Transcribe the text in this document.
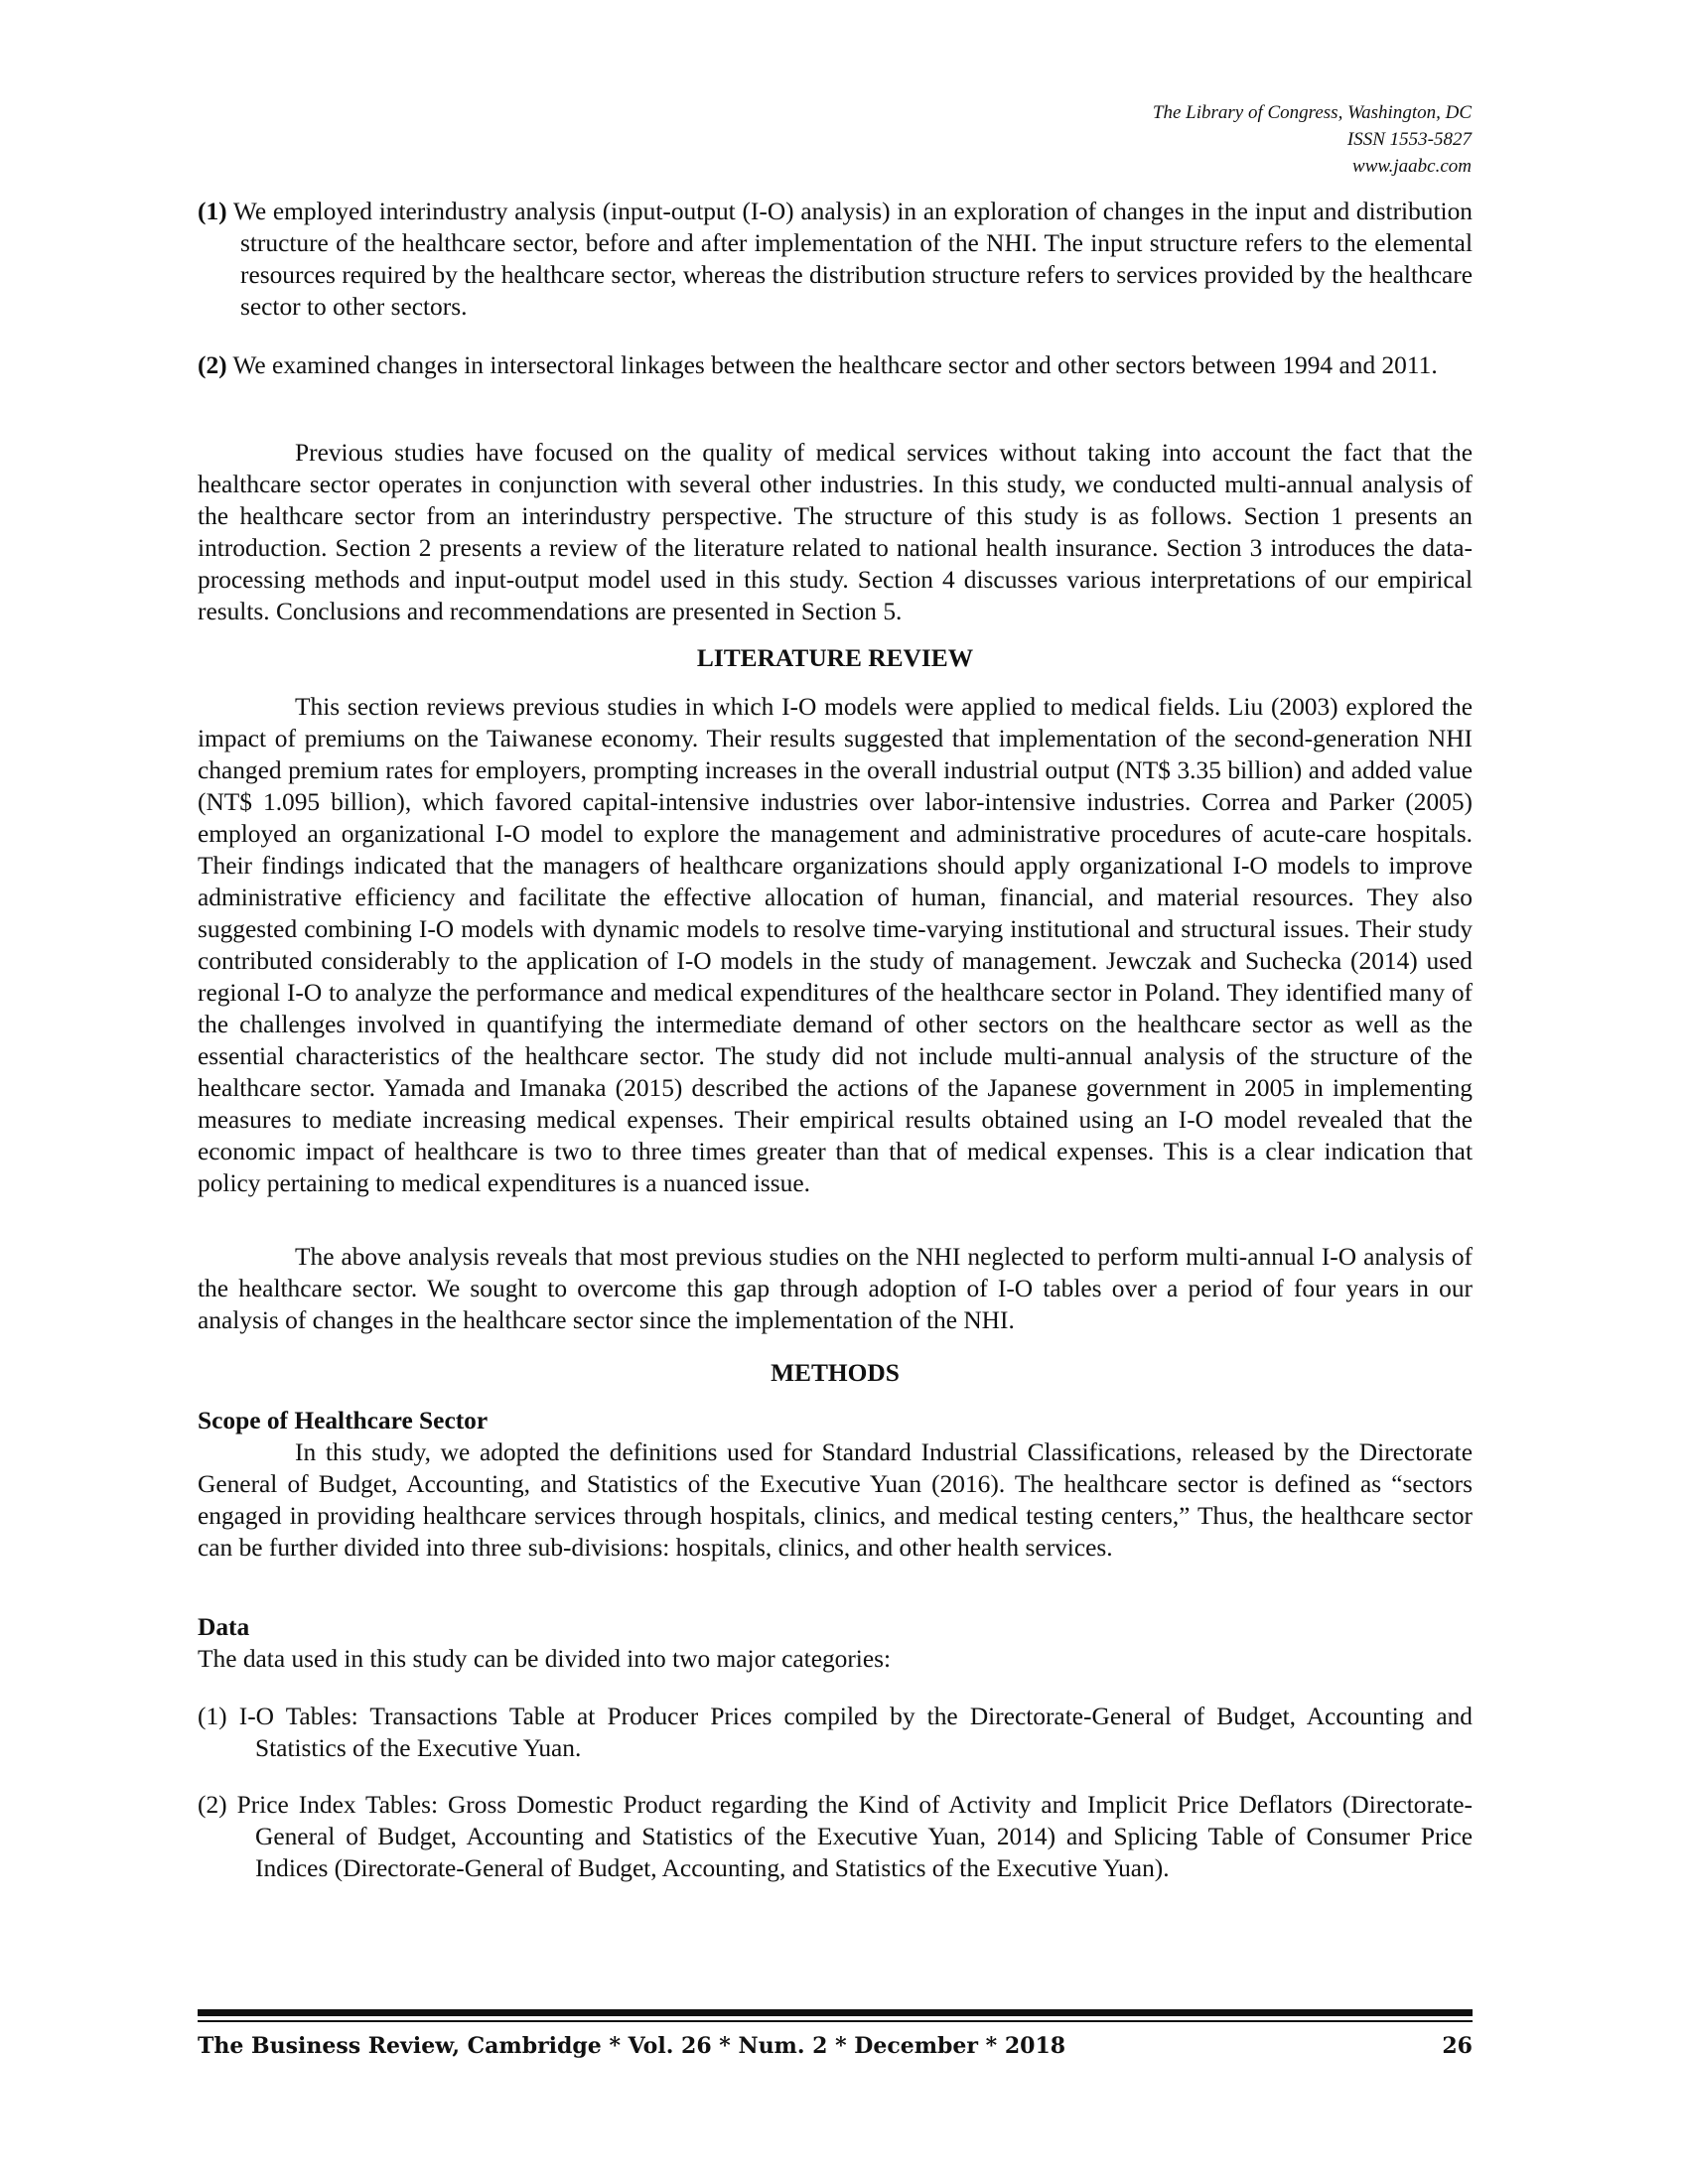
The Library of Congress, Washington, DC
ISSN 1553-5827
www.jaabc.com

(1) We employed interindustry analysis (input-output (I-O) analysis) in an exploration of changes in the input and distribution structure of the healthcare sector, before and after implementation of the NHI. The input structure refers to the elemental resources required by the healthcare sector, whereas the distribution structure refers to services provided by the healthcare sector to other sectors.

(2) We examined changes in intersectoral linkages between the healthcare sector and other sectors between 1994 and 2011.

Previous studies have focused on the quality of medical services without taking into account the fact that the healthcare sector operates in conjunction with several other industries. In this study, we conducted multi-annual analysis of the healthcare sector from an interindustry perspective. The structure of this study is as follows. Section 1 presents an introduction. Section 2 presents a review of the literature related to national health insurance. Section 3 introduces the data-processing methods and input-output model used in this study. Section 4 discusses various interpretations of our empirical results. Conclusions and recommendations are presented in Section 5.

LITERATURE REVIEW

This section reviews previous studies in which I-O models were applied to medical fields. Liu (2003) explored the impact of premiums on the Taiwanese economy. Their results suggested that implementation of the second-generation NHI changed premium rates for employers, prompting increases in the overall industrial output (NT$ 3.35 billion) and added value (NT$ 1.095 billion), which favored capital-intensive industries over labor-intensive industries. Correa and Parker (2005) employed an organizational I-O model to explore the management and administrative procedures of acute-care hospitals. Their findings indicated that the managers of healthcare organizations should apply organizational I-O models to improve administrative efficiency and facilitate the effective allocation of human, financial, and material resources. They also suggested combining I-O models with dynamic models to resolve time-varying institutional and structural issues. Their study contributed considerably to the application of I-O models in the study of management. Jewczak and Suchecka (2014) used regional I-O to analyze the performance and medical expenditures of the healthcare sector in Poland. They identified many of the challenges involved in quantifying the intermediate demand of other sectors on the healthcare sector as well as the essential characteristics of the healthcare sector. The study did not include multi-annual analysis of the structure of the healthcare sector. Yamada and Imanaka (2015) described the actions of the Japanese government in 2005 in implementing measures to mediate increasing medical expenses. Their empirical results obtained using an I-O model revealed that the economic impact of healthcare is two to three times greater than that of medical expenses. This is a clear indication that policy pertaining to medical expenditures is a nuanced issue.

The above analysis reveals that most previous studies on the NHI neglected to perform multi-annual I-O analysis of the healthcare sector. We sought to overcome this gap through adoption of I-O tables over a period of four years in our analysis of changes in the healthcare sector since the implementation of the NHI.

METHODS

Scope of Healthcare Sector

In this study, we adopted the definitions used for Standard Industrial Classifications, released by the Directorate General of Budget, Accounting, and Statistics of the Executive Yuan (2016). The healthcare sector is defined as “sectors engaged in providing healthcare services through hospitals, clinics, and medical testing centers,” Thus, the healthcare sector can be further divided into three sub-divisions: hospitals, clinics, and other health services.

Data

The data used in this study can be divided into two major categories:

(1) I-O Tables: Transactions Table at Producer Prices compiled by the Directorate-General of Budget, Accounting and Statistics of the Executive Yuan.

(2) Price Index Tables: Gross Domestic Product regarding the Kind of Activity and Implicit Price Deflators (Directorate-General of Budget, Accounting and Statistics of the Executive Yuan, 2014) and Splicing Table of Consumer Price Indices (Directorate-General of Budget, Accounting, and Statistics of the Executive Yuan).

The Business Review, Cambridge * Vol. 26 * Num. 2 * December * 2018	26
